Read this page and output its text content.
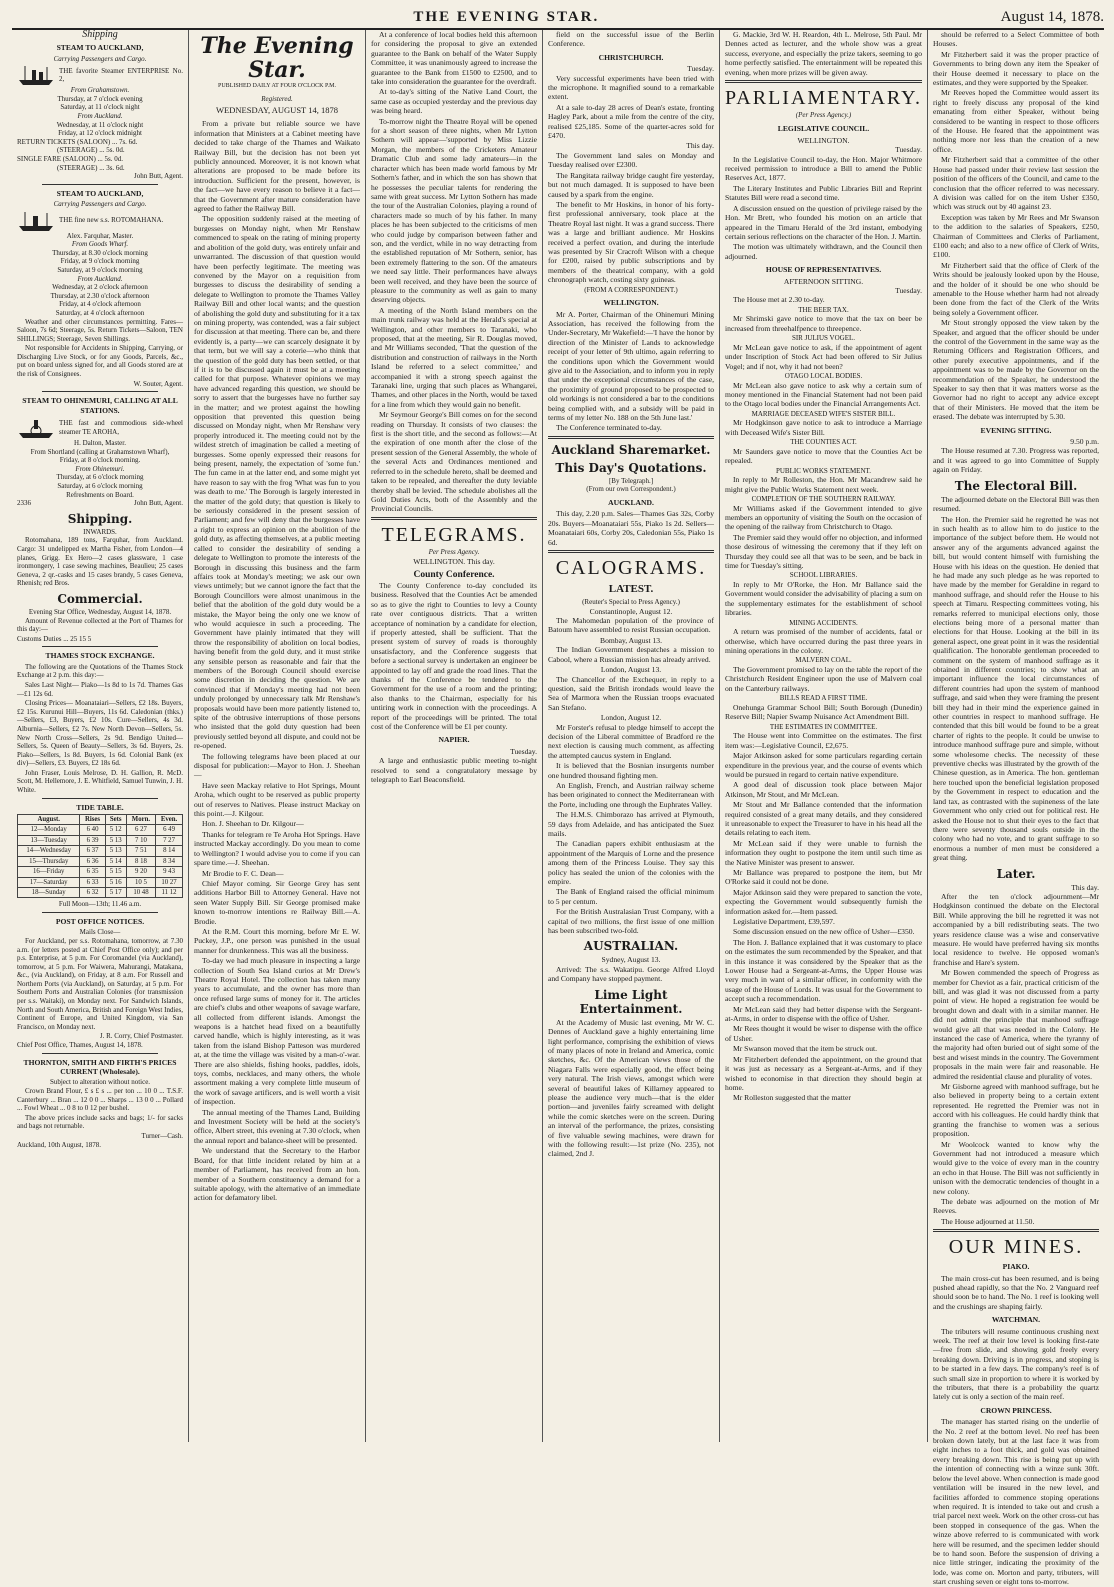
THE EVENING STAR.	August 14, 1878.
Shipping
STEAM TO AUCKLAND,
Carrying Passengers and Cargo.
THE favorite Steamer ENTERPRISE No. 2,
From Grahamstown.
Thursday, at 7 o'clock evening
Saturday, at 11 o'clock night
From Auckland.
Wednesday, at 11 o'clock night
Friday, at 12 o'clock midnight
RETURN TICKETS (SALOON) ... 7s. 6d.
(STEERAGE) ... 5s. 0d.
SINGLE FARE (SALOON) ... 5s. 0d.
(STEERAGE) ... 3s. 6d.
John Butt, Agent.
STEAM TO AUCKLAND,
Carrying Passengers and Cargo.
THE fine new s.s. ROTOMAHANA.
Alex. Farquhar, Master.
From Goods Wharf.
Thursday, at 8.30 o'clock morning
Friday, at 9 o'clock morning
Saturday, at 9 o'clock morning
From Auckland.
Wednesday, at 2 o'clock afternoon
Thursday, at 2.30 o'clock afternoon
Friday, at 4 o'clock afternoon
Saturday, at 4 o'clock afternoon

Weather and other circumstances permitting. Fares—Saloon, 7s 6d; Steerage, 5s. Return Tickets—Saloon, TEN SHILLINGS; Steerage, Seven Shillings.

Not responsible for Accidents in Shipping, Carrying, or Discharging Live Stock, or for any Goods, Parcels, &c., put on board unless signed for, and all Goods stored are at the risk of Consignees.

W. Souter, Agent.
STEAM TO OHINEMURI, CALLING AT ALL STATIONS.
THE fast and commodious side-wheel steamer TE AROHA,
H. Dalton, Master.
From Shortland (calling at Grahamstown Wharf),
Friday, at 8 o'clock morning.
From Ohinemuri.
Thursday, at 6 o'clock morning
Saturday, at 6 o'clock morning
Refreshments on Board.
2336	John Butt, Agent.
Shipping.
INWARDS.

Rotomahana, 189 tons, Farquhar, from Auckland. Cargo: 31 undelipped ex Martha Fisher, from London—4 planes, Grigg. Ex Hero—2 cases glassware, 1 case ironmongery, 1 case sewing machines, Beaulieu; 25 cases Geneva, 2 qr.-casks and 15 cases brandy, 5 cases Geneva, Rhenish; red Bros.

Commercial.
Evening Star Office, Wednesday, August 14, 1878.

Amount of Revenue collected at the Port of Thames for this day:—

Customs Duties ... 25 15 5
THAMES STOCK EXCHANGE.

The following are the Quotations of the Thames Stock Exchange at 2 p.m. this day:—

Sales Last Night— Piako—1s 8d to 1s 7d. Thames Gas—£1 12s 6d.

Closing Prices— Moanataiari—Sellers, £2 18s. Buyers, £2 15s. Kurunui Hill—Buyers, 11s 6d. Caledonian (thks.)—Sellers, £3, Buyers, £2 10s. Cure—Sellers, 4s 3d. Alburnia—Sellers, £2 7s. New North Devon—Sellers, 5s. New North Cross—Sellers, 2s 9d. Bendigo United—Sellers, 5s. Queen of Beauty—Sellers, 3s 6d. Buyers, 2s. Piako—Sellers, 1s 8d. Buyers, 1s 6d. Colonial Bank (ex div)—Sellers, £3. Buyers, £2 18s 6d.

John Fraser, Louis Melrose, D. H. Gallion, R. McD. Scott, M. Hellemore, J. E. Whitfield, Samuel Tunwin, J. H. White.

TIDE TABLE.
August.	Rises	Sets	Morn.	Even.
12—Monday	6 40	5 12	6 27	6 49
13—Tuesday	6 39	5 13	7 10	7 27
14—Wednesday	6 37	5 13	7 51	8 14
15—Thursday	6 36	5 14	8 18	8 34
16—Friday	6 35	5 15	9 20	9 43
17—Saturday	6 33	5 16	10 5	10 27
18—Sunday	6 32	5 17	10 48	11 12
Full Moon—13th; 11.46 a.m.
POST OFFICE NOTICES.
Mails Close—

For Auckland, per s.s. Rotomahana, tomorrow, at 7.30 a.m. (or letters posted at Chief Post Office only); and per p.s. Enterprise, at 5 p.m. For Coromandel (via Auckland), tomorrow, at 5 p.m. For Waiwera, Mahurangi, Matakana, &c., (via Auckland), on Friday, at 8 a.m. For Russell and Northern Ports (via Auckland), on Saturday, at 5 p.m. For Southern Ports and Australian Colonies (for transmission per s.s. Waitaki), on Monday next. For Sandwich Islands, North and South America, British and Foreign West Indies, Continent of Europe, and United Kingdom, via San Francisco, on Monday next.

J. R. Corry, Chief Postmaster.
Chief Post Office, Thames, August 14, 1878.
THORNTON, SMITH AND FIRTH'S PRICES CURRENT (Wholesale).
Subject to alteration without notice.

Crown Brand Flour, £ s £ s ... per ton ... 10 0 ... T.S.F. Canterbury ... Bran ... 12 0 0 ... Sharps ... 13 0 0 ... Pollard ... Fowl Wheat ... 0 8 to 0 12 per bushel.

The above prices include sacks and bags; 1/- for sacks and bags not returnable.

Turner—Cash.
Auckland, 10th August, 1878.
The Evening Star.
PUBLISHED DAILY AT FOUR O'CLOCK P.M.
Registered.
WEDNESDAY, AUGUST 14, 1878

From a private but reliable source we have information that Ministers at a Cabinet meeting have decided to take charge of the Thames and Waikato Railway Bill, but the decision has not been yet publicly announced. Moreover, it is not known what alterations are proposed to be made before its introduction. Sufficient for the present, however, is the fact—we have every reason to believe it a fact—that the Government after mature consideration have agreed to father the Railway Bill.

The opposition suddenly raised at the meeting of burgesses on Monday night, when Mr Renshaw commenced to speak on the rating of mining property and abolition of the gold duty, was entirely unfair and unwarranted. The discussion of that question would have been perfectly legitimate. The meeting was convened by the Mayor on a requisition from burgesses to discuss the desirability of sending a delegate to Wellington to promote the Thames Valley Railway Bill and other local wants; and the question of abolishing the gold duty and substituting for it a tax on mining property, was contended, was a fair subject for discussion at that meeting. There can be, and there evidently is, a party—we can scarcely designate it by that term, but we will say a coterie—who think that the question of the gold duty has been settled, or that if it is to be discussed again it must be at a meeting called for that purpose. Whatever opinions we may have advanced regarding this question, we should be sorry to assert that the burgesses have no further say in the matter; and we protest against the howling opposition that prevented this question being discussed on Monday night, when Mr Renshaw very properly introduced it. The meeting could not by the wildest stretch of imagination be called a meeting of burgesses. Some openly expressed their reasons for being present, namely, the expectation of 'some fun.' The fun came in at the latter end, and some might yet have reason to say with the frog 'What was fun to you was death to me.' The Borough is largely interested in the matter of the gold duty; that question is likely to be seriously considered in the present session of Parliament; and few will deny that the burgesses have a right to express an opinion on the abolition of the gold duty, as affecting themselves, at a public meeting called to consider the desirability of sending a delegate to Wellington to promote the interests of the Borough in discussing this business and the farm affairs took at Monday's meeting; we ask our own views untimely; but we cannot ignore the fact that the Borough Councillors were almost unanimous in the belief that the abolition of the gold duty would be a mistake, the Mayor being the only one we know of who would acquiesce in such a proceeding. The Government have plainly intimated that they will throw the responsibility of abolition on local bodies, having benefit from the gold duty, and it must strike any sensible person as reasonable and fair that the members of the Borough Council should exercise some discretion in deciding the question. We are convinced that if Monday's meeting had not been unduly prolonged by unnecessary talk Mr Renshaw's proposals would have been more patiently listened to, spite of the obtrusive interruptions of those persons who insisted that the gold duty question had been previously settled beyond all dispute, and could not be re-opened.

The following telegrams have been placed at our disposal for publication:—Mayor to Hon. J. Sheehan—

Have seen Mackay relative to Hot Springs, Mount Aroha, which ought to be reserved as public property out of reserves to Natives. Please instruct Mackay on this point.—J. Kilgour.

Hon. J. Sheehan to Dr. Kilgour—

Thanks for telegram re Te Aroha Hot Springs. Have instructed Mackay accordingly. Do you mean to come to Wellington? I would advise you to come if you can spare time.—J. Sheehan.

Mr Brodie to F. C. Dean—

Chief Mayor coming. Sir George Grey has sent additions Harbor Bill to Attorney General. Have not seen Water Supply Bill. Sir George promised make known to-morrow intentions re Railway Bill.—A. Brodie.

At the R.M. Court this morning, before Mr E. W. Puckey, J.P., one person was punished in the usual manner for drunkenness. This was all the business.

To-day we had much pleasure in inspecting a large collection of South Sea Island curios at Mr Drew's Theatre Royal Hotel. The collection has taken many years to accumulate, and the owner has more than once refused large sums of money for it. The articles are chief's clubs and other weapons of savage warfare, all collected from different islands. Amongst the weapons is a hatchet head fixed on a beautifully carved handle, which is highly interesting, as it was taken from the island Bishop Patteson was murdered at, at the time the village was visited by a man-o'-war. There are also shields, fishing hooks, paddles, idols, toys, combs, necklaces, and many others, the whole assortment making a very complete little museum of the work of savage artificers, and is well worth a visit of inspection.

The annual meeting of the Thames Land, Building and Investment Society will be held at the society's office, Albert street, this evening at 7.30 o'clock, when the annual report and balance-sheet will be presented.

We understand that the Secretary to the Harbor Board, for that little incident related by him at a member of Parliament, has received from an hon. member of a Southern constituency a demand for a suitable apology, with the alternative of an immediate action for defamatory libel.

At a conference of local bodies held this afternoon for considering the proposal to give an extended guarantee to the Bank on behalf of the Water Supply Committee, it was unanimously agreed to increase the guarantee to the Bank from £1500 to £2500, and to take into consideration the guarantee for the overdraft.

At to-day's sitting of the Native Land Court, the same case as occupied yesterday and the previous day was being heard.

To-morrow night the Theatre Royal will be opened for a short season of three nights, when Mr Lytton Sothern will appear—'supported by Miss Lizzie Morgan, the members of the Cricketers Amateur Dramatic Club and some lady amateurs—in the character which has been made world famous by Mr Sothern's father, and in which the son has shown that he possesses the peculiar talents for rendering the same with great success. Mr Lytton Sothern has made the tour of the Australian Colonies, playing a round of characters made so much of by his father. In many places he has been subjected to the criticisms of men who could judge by comparison between father and son, and the verdict, while in no way detracting from the established reputation of Mr Sothern, senior, has been extremely flattering to the son. Of the amateurs we need say little. Their performances have always been well received, and they have been the source of pleasure to the community as well as gain to many deserving objects.

A meeting of the North Island members on the main trunk railway was held at the Herald's special at Wellington, and other members to Taranaki, who proposed, that at the meeting, Sir R. Douglas moved, and Mr Williams seconded, 'That the question of the distribution and construction of railways in the North Island be referred to a select committee,' and accompanied it with a strong speech against the Taranaki line, urging that such places as Whangarei, Thames, and other places in the North, would be taxed for a line from which they would gain no benefit.

Mr Seymour George's Bill comes on for the second reading on Thursday. It consists of two clauses: the first is the short title, and the second as follows:—At the expiration of one month after the close of the present session of the General Assembly, the whole of the several Acts and Ordinances mentioned and referred to in the schedule hereto, shall be deemed and taken to be repealed, and thereafter the duty leviable thereby shall be levied. The schedule abolishes all the Gold Duties Acts, both of the Assembly and the Provincial Councils.

TELEGRAMS.
Per Press Agency.
WELLINGTON. This day.
County Conference.

The County Conference to-day concluded its business. Resolved that the Counties Act be amended so as to give the right to Counties to levy a County rate over contiguous districts. That a written acceptance of nomination by a candidate for election, if properly attested, shall be sufficient. That the present system of survey of roads is thoroughly unsatisfactory, and the Conference suggests that before a sectional survey is undertaken an engineer be appointed to lay off and grade the road lines. That the thanks of the Conference be tendered to the Government for the use of a room and the printing; also thanks to the Chairman, especially for his untiring work in connection with the proceedings. A report of the proceedings will be printed. The total cost of the Conference will be £1 per county.

NAPIER.
Tuesday.

A large and enthusiastic public meeting to-night resolved to send a congratulatory message by telegraph to Earl Beaconsfield.

field on the successful issue of the Berlin Conference.

CHRISTCHURCH.
Tuesday.

Very successful experiments have been tried with the microphone. It magnified sound to a remarkable extent.

At a sale to-day 28 acres of Dean's estate, fronting Hagley Park, about a mile from the centre of the city, realised £25,185. Some of the quarter-acres sold for £470.

This day.

The Government land sales on Monday and Tuesday realised over £2300.

The Rangitata railway bridge caught fire yesterday, but not much damaged. It is supposed to have been caused by a spark from the engine.

The benefit to Mr Hoskins, in honor of his forty-first professional anniversary, took place at the Theatre Royal last night. It was a grand success. There was a large and brilliant audience. Mr Hoskins received a perfect ovation, and during the interlude was presented by Sir Cracroft Wilson with a cheque for £200, raised by public subscriptions and by members of the theatrical company, with a gold chronograph watch, costing sixty guineas.

(FROM A CORRESPONDENT.)
WELLINGTON.

Mr A. Porter, Chairman of the Ohinemuri Mining Association, has received the following from the Under-Secretary, Mr Wakefield:—'I have the honor by direction of the Minister of Lands to acknowledge receipt of your letter of 9th ultimo, again referring to the conditions upon which the Government would give aid to the Association, and to inform you in reply that under the exceptional circumstances of the case, the proximity of ground proposed to be prospected to old workings is not considered a bar to the conditions being complied with, and a subsidy will be paid in terms of my letter No. 188 on the 5th June last.'

The Conference terminated to-day.

Auckland Sharemarket.
This Day's Quotations.
[By Telegraph.]
(From our own Correspondent.)
AUCKLAND.

This day, 2.20 p.m. Sales—Thames Gas 32s, Corby 20s. Buyers—Moanataiari 55s, Piako 1s 2d. Sellers—Moanataiari 60s, Corby 20s, Caledonian 55s, Piako 1s 6d.

CALOGRAMS.
LATEST.
(Reuter's Special to Press Agency.)
Constantinople, August 12.

The Mahomedan population of the province of Batoum have assembled to resist Russian occupation.

Bombay, August 13.

The Indian Government despatches a mission to Cabool, where a Russian mission has already arrived.

London, August 13.

The Chancellor of the Exchequer, in reply to a question, said the British irondads would leave the Sea of Marmora when the Russian troops evacuated San Stefano.

London, August 12.

Mr Forster's refusal to pledge himself to accept the decision of the Liberal committee of Bradford re the next election is causing much comment, as affecting the attempted caucus system in England.

It is believed that the Bosnian insurgents number one hundred thousand fighting men.

An English, French, and Austrian railway scheme has been originated to connect the Mediterranean with the Porte, including one through the Euphrates Valley.

The H.M.S. Chimborazo has arrived at Plymouth, 59 days from Adelaide, and has anticipated the Suez mails.

The Canadian papers exhibit enthusiasm at the appointment of the Marquis of Lorne and the presence among them of the Princess Louise. They say this policy has sealed the union of the colonies with the empire.

The Bank of England raised the official minimum to 5 per centum.

For the British Australasian Trust Company, with a capital of two millions, the first issue of one million has been subscribed two-fold.

AUSTRALIAN.
Sydney, August 13.

Arrived: The s.s. Wakatipu. George Alfred Lloyd and Company have stopped payment.

Lime Light Entertainment.

At the Academy of Music last evening, Mr W. C. Dennes of Auckland gave a highly entertaining lime light performance, comprising the exhibition of views of many places of note in Ireland and America, comic sketches, &c. Of the American views those of the Niagara Falls were especially good, the effect being very natural. The Irish views, amongst which were several of beautiful lakes of Killarney appeared to please the audience very much—that is the elder portion—and juveniles fairly screamed with delight while the comic sketches were on the screen. During an interval of the performance, the prizes, consisting of five valuable sewing machines, were drawn for with the following result:—1st prize (No. 235), not claimed, 2nd J.

G. Mackie, 3rd W. H. Reardon, 4th L. Melrose, 5th Paul. Mr Dennes acted as lecturer, and the whole show was a great success, everyone, and especially the prize takers, seeming to go home perfectly satisfied. The entertainment will be repeated this evening, when more prizes will be given away.

PARLIAMENTARY.
(Per Press Agency.)
LEGISLATIVE COUNCIL.
WELLINGTON.
Tuesday.

In the Legislative Council to-day, the Hon. Major Whitmore received permission to introduce a Bill to amend the Public Reserves Act, 1877.

The Literary Institutes and Public Libraries Bill and Reprint Statutes Bill were read a second time.

A discussion ensued on the question of privilege raised by the Hon. Mr Brett, who founded his motion on an article that appeared in the Timaru Herald of the 3rd instant, embodying certain serious reflections on the character of the Hon. J. Martin.

The motion was ultimately withdrawn, and the Council then adjourned.

HOUSE OF REPRESENTATIVES.
AFTERNOON SITTING.
Tuesday.

The House met at 2.30 to-day.

THE BEER TAX.

Mr Shrimski gave notice to move that the tax on beer be increased from threehalfpence to threepence.

SIR JULIUS VOGEL.

Mr McLean gave notice to ask, if the appointment of agent under Inscription of Stock Act had been offered to Sir Julius Vogel; and if not, why it had not been?

OTAGO LOCAL BODIES.

Mr McLean also gave notice to ask why a certain sum of money mentioned in the Financial Statement had not been paid to the Otago local bodies under the Financial Arrangements Act.

MARRIAGE DECEASED WIFE'S SISTER BILL.

Mr Hodgkinson gave notice to ask to introduce a Marriage with Deceased Wife's Sister Bill.

THE COUNTIES ACT.

Mr Saunders gave notice to move that the Counties Act be repealed.

PUBLIC WORKS STATEMENT.

In reply to Mr Rolleston, the Hon. Mr Macandrew said he might give the Public Works Statement next week.

COMPLETION OF THE SOUTHERN RAILWAY.

Mr Williams asked if the Government intended to give members an opportunity of visiting the South on the occasion of the opening of the railway from Christchurch to Otago.

The Premier said they would offer no objection, and informed those desirous of witnessing the ceremony that if they left on Thursday they could see all that was to be seen, and be back in time for Tuesday's sitting.

SCHOOL LIBRARIES.

In reply to Mr O'Rorke, the Hon. Mr Ballance said the Government would consider the advisability of placing a sum on the supplementary estimates for the establishment of school libraries.

MINING ACCIDENTS.

A return was promised of the number of accidents, fatal or otherwise, which have occurred during the past three years in mining operations in the colony.

MALVERN COAL.

The Government promised to lay on the table the report of the Christchurch Resident Engineer upon the use of Malvern coal on the Canterbury railways.

BILLS READ A FIRST TIME.

Onehunga Grammar School Bill; South Borough (Dunedin) Reserve Bill; Napier Swamp Nuisance Act Amendment Bill.

THE ESTIMATES IN COMMITTEE.

The House went into Committee on the estimates. The first item was:—Legislative Council, £2,675.

Major Atkinson asked for some particulars regarding certain expenditure in the previous year, and the course of events which would be pursued in regard to certain native expenditure.

A good deal of discussion took place between Major Atkinson, Mr Stout, and Mr McLean.

Mr Stout and Mr Ballance contended that the information required consisted of a great many details, and they considered it unreasonable to expect the Treasurer to have in his head all the details relating to each item.

Mr McLean said if they were unable to furnish the information they ought to postpone the item until such time as the Native Minister was present to answer.

Mr Ballance was prepared to postpone the item, but Mr O'Rorke said it could not be done.

Major Atkinson said they were prepared to sanction the vote, expecting the Government would subsequently furnish the information asked for.—Item passed.

Legislative Department, £39,597.

Some discussion ensued on the new office of Usher—£350.

The Hon. J. Ballance explained that it was customary to place on the estimates the sum recommended by the Speaker, and that in this instance it was considered by the Speaker that as the Lower House had a Sergeant-at-Arms, the Upper House was very much in want of a similar officer, in conformity with the usage of the House of Lords. It was usual for the Government to accept such a recommendation.

Mr McLean said they had better dispense with the Sergeant-at-Arms, in order to dispense with the office of Usher.

Mr Rees thought it would be wiser to dispense with the office of Usher.

Mr Swanson moved that the item be struck out.

Mr Fitzherbert defended the appointment, on the ground that it was just as necessary as a Sergeant-at-Arms, and if they wished to economise in that direction they should begin at home.

Mr Rolleston suggested that the matter

should be referred to a Select Committee of both Houses.

Mr Fitzherbert said it was the proper practice of Governments to bring down any item the Speaker of their House deemed it necessary to place on the estimates, and they were supported by the Speaker.

Mr Reeves hoped the Committee would assert its right to freely discuss any proposal of the kind emanating from either Speaker, without being considered to be wanting in respect to those officers of the House. He feared that the appointment was nothing more nor less than the creation of a new office.

Mr Fitzherbert said that a committee of the other House had passed under their review last session the position of the officers of the Council, and came to the conclusion that the officer referred to was necessary. A division was called for on the item Usher £350, which was struck out by 40 against 23.

Exception was taken by Mr Rees and Mr Swanson to the addition to the salaries of Speakers, £250, Chairman of Committees and Clerks of Parliament, £100 each; and also to a new office of Clerk of Writs, £100.

Mr Fitzherbert said that the office of Clerk of the Writs should be jealously looked upon by the House, and the holder of it should be one who should be amenable to the House whether harm had not already been done from the fact of the Clerk of the Writs being solely a Government officer.

Mr Stout strongly opposed the view taken by the Speaker, and argued that the officer should be under the control of the Government in the same way as the Returning Officers and Registration Officers, and other purely executive appointments, and if the appointment was to be made by the Governor on the recommendation of the Speaker, he understood the Speaker to say then that it was matters worse as the Governor had no right to accept any advice except that of their Ministers. He moved that the item be erased. The debate was interrupted by 5.30.

EVENING SITTING.
9.50 p.m.

The House resumed at 7.30. Progress was reported, and it was agreed to go into Committee of Supply again on Friday.

The Electoral Bill.

The adjourned debate on the Electoral Bill was then resumed.

The Hon. the Premier said he regretted he was not in such health as to allow him to do justice to the importance of the subject before them. He would not answer any of the arguments advanced against the bill, but would content himself with furnishing the House with his ideas on the question. He denied that he had made any such pledge as he was reported to have made by the member for Geraldine in regard to manhood suffrage, and should refer the House to his speech at Timaru. Respecting committees voting, his remarks referred to municipal elections only, those elections being more of a personal matter than elections for that House. Looking at the bill in its general aspect, one great point in it was the residential qualification. The honorable gentleman proceeded to comment on the system of manhood suffrage as it obtained in different countries; to show what an important influence the local circumstances of different countries had upon the system of manhood suffrage, and said when they were framing the present bill they had in their mind the experience gained in other countries in respect to manhood suffrage. He contended that this bill would be found to be a great charter of rights to the people. It could be unwise to introduce manhood suffrage pure and simple, without some wholesome checks. The necessity of these preventive checks was illustrated by the growth of the Chinese question, as in America. The hon. gentleman here touched upon the beneficial legislation proposed by the Government in respect to education and the land tax, as contrasted with the supineness of the late Government who only cried out for political rest. He asked the House not to shut their eyes to the fact that there were seventy thousand souls outside in the colony who had no vote, and to grant suffrage to so enormous a number of men must be considered a great thing.

Later.
This day.

After the ten o'clock adjournment—Mr Hodgkinson continued the debate on the Electoral Bill. While approving the bill he regretted it was not accompanied by a bill redistributing seats. The two years residence clause was a wise and conservative measure. He would have preferred having six months local residence to twelve. He opposed woman's franchise and Hare's system.

Mr Bowen commended the speech of Progress as member for Cheviot as a fair, practical criticism of the bill, and was glad it was not discussed from a party point of view. He hoped a registration fee would be brought down and dealt with in a similar manner. He did not admit the principle that manhood suffrage would give all that was needed in the Colony. He instanced the case of America, where the tyranny of the majority had often buried out of sight some of the best and wisest minds in the country. The Government proposals in the main were fair and reasonable. He admired the residential clause and plurality of votes.

Mr Gisborne agreed with manhood suffrage, but he also believed in property being to a certain extent represented. He regretted the Premier was not in accord with his colleagues. He could hardly think that granting the franchise to women was a serious proposition.

Mr Woolcock wanted to know why the Government had not introduced a measure which would give to the voice of every man in the country an echo in that House. The Bill was not sufficiently in unison with the democratic tendencies of thought in a new colony.

The debate was adjourned on the motion of Mr Reeves.

The House adjourned at 11.50.

OUR MINES.
PIAKO.

The main cross-cut has been resumed, and is being pushed ahead rapidly, so that the No. 2 Vanguard reef should soon be to hand. The No. 1 reef is looking well and the crushings are shaping fairly.

WATCHMAN.

The tributers will resume continuous crushing next week. The reef at their low level is looking first-rate—free from slide, and showing gold freely every breaking down. Driving is in progress, and stoping is to be started in a few days. The company's reef is of such small size in proportion to where it is worked by the tributers, that there is a probability the quartz lately cut is only a section of the main reef.

CROWN PRINCESS.

The manager has started rising on the underlie of the No. 2 reef at the bottom level. No reef has been broken down lately, but at the last face it was from eight inches to a foot thick, and gold was obtained every breaking down. This rise is being put up with the intention of connecting with a winze sunk 30ft. below the level above. When connection is made good ventilation will be insured in the new level, and facilities afforded to commence stoping operations when required. It is intended to take out and crush a trial parcel next week. Work on the other cross-cut has been stopped in consequence of the gas. When the winze above referred to is communicated with work here will be resumed, and the specimen ledder should be to hand soon. Before the suspension of driving a nice little stringer, indicating the proximity of the lode, was come on. Morton and party, tributers, will start crushing seven or eight tons to-morrow.
